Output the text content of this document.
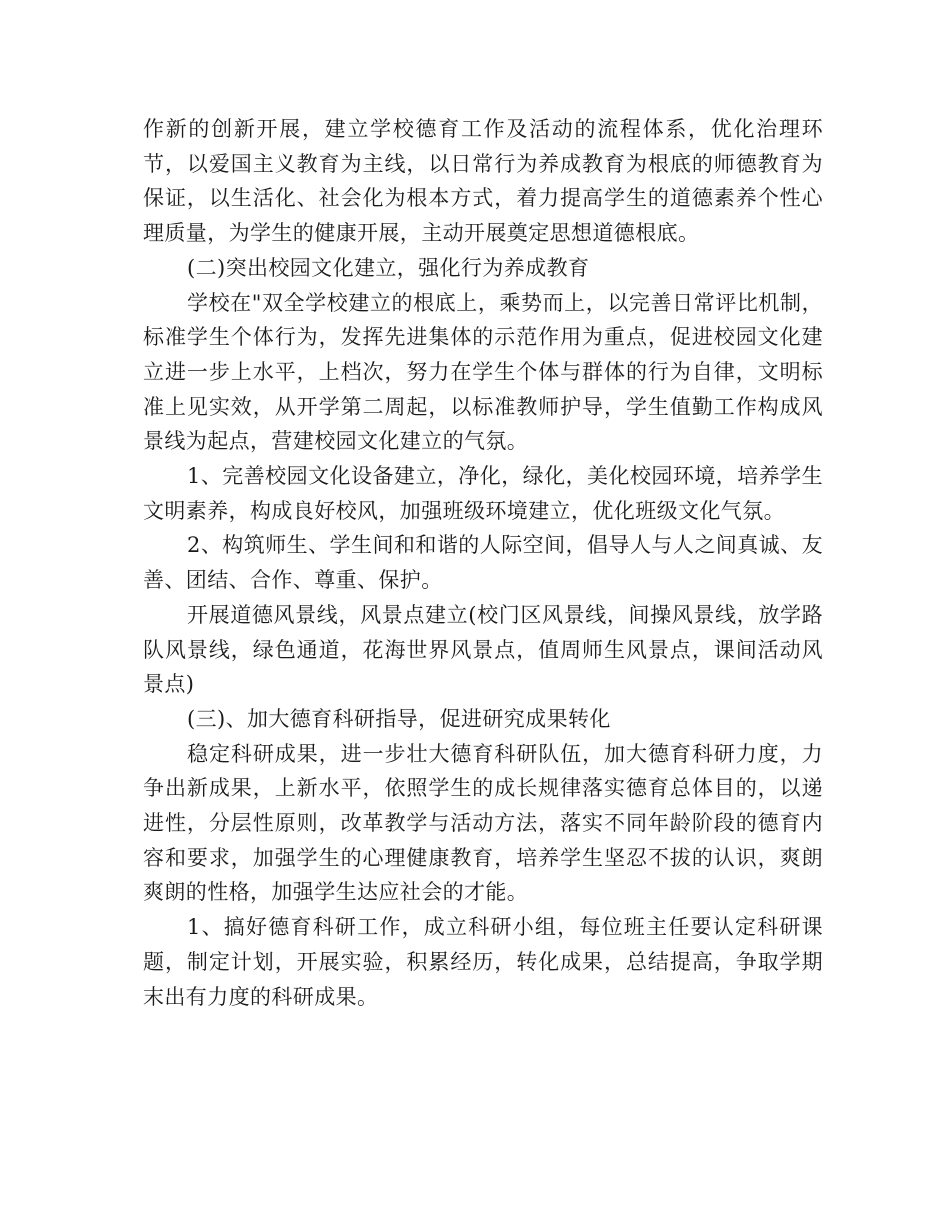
作新的创新开展，建立学校德育工作及活动的流程体系，优化治理环节，以爱国主义教育为主线，以日常行为养成教育为根底的师德教育为保证，以生活化、社会化为根本方式，着力提高学生的道德素养个性心理质量，为学生的健康开展，主动开展奠定思想道德根底。

(二)突出校园文化建立，强化行为养成教育

学校在"双全学校建立的根底上，乘势而上，以完善日常评比机制，标准学生个体行为，发挥先进集体的示范作用为重点，促进校园文化建立进一步上水平，上档次，努力在学生个体与群体的行为自律，文明标准上见实效，从开学第二周起，以标准教师护导，学生值勤工作构成风景线为起点，营建校园文化建立的气氛。

1、完善校园文化设备建立，净化，绿化，美化校园环境，培养学生文明素养，构成良好校风，加强班级环境建立，优化班级文化气氛。

2、构筑师生、学生间和和谐的人际空间，倡导人与人之间真诚、友善、团结、合作、尊重、保护。

开展道德风景线，风景点建立(校门区风景线，间操风景线，放学路队风景线，绿色通道，花海世界风景点，值周师生风景点，课间活动风景点)

(三)、加大德育科研指导，促进研究成果转化

稳定科研成果，进一步壮大德育科研队伍，加大德育科研力度，力争出新成果，上新水平，依照学生的成长规律落实德育总体目的，以递进性，分层性原则，改革教学与活动方法，落实不同年龄阶段的德育内容和要求，加强学生的心理健康教育，培养学生坚忍不拔的认识，爽朗爽朗的性格，加强学生达应社会的才能。

1、搞好德育科研工作，成立科研小组，每位班主任要认定科研课题，制定计划，开展实验，积累经历，转化成果，总结提高，争取学期末出有力度的科研成果。
